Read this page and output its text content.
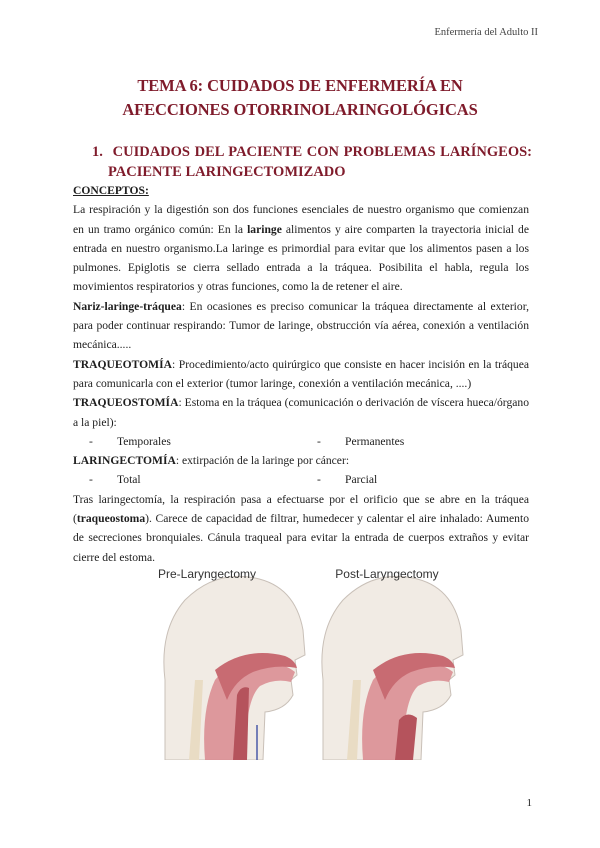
Enfermería del Adulto II
TEMA 6: CUIDADOS DE ENFERMERÍA EN
AFECCIONES OTORRINOLARINGOLÓGICAS
1. CUIDADOS DEL PACIENTE CON PROBLEMAS LARÍNGEOS:
PACIENTE LARINGECTOMIZADO
CONCEPTOS:

La respiración y la digestión son dos funciones esenciales de nuestro organismo que comienzan en un tramo orgánico común: En la laringe alimentos y aire comparten la trayectoria inicial de entrada en nuestro organismo.La laringe es primordial para evitar que los alimentos pasen a los pulmones. Epiglotis se cierra sellado entrada a la tráquea. Posibilita el habla, regula los movimientos respiratorios y otras funciones, como la de retener el aire.

Nariz-laringe-tráquea: En ocasiones es preciso comunicar la tráquea directamente al exterior, para poder continuar respirando: Tumor de laringe, obstrucción vía aérea, conexión a ventilación mecánica.....

TRAQUEOTOMÍA: Procedimiento/acto quirúrgico que consiste en hacer incisión en la tráquea para comunicarla con el exterior (tumor laringe, conexión a ventilación mecánica, ....)

TRAQUEOSTOMÍA: Estoma en la tráquea (comunicación o derivación de víscera hueca/órgano a la piel):

- Temporales	- Permanentes

LARINGECTOMÍA: extirpación de la laringe por cáncer:

- Total	- Parcial

Tras laringectomía, la respiración pasa a efectuarse por el orificio que se abre en la tráquea (traqueostoma). Carece de capacidad de filtrar, humedecer y calentar el aire inhalado: Aumento de secreciones bronquiales. Cánula traqueal para evitar la entrada de cuerpos extraños y evitar cierre del estoma.

Pre-Laryngectomy	Post-Laryngectomy
1
